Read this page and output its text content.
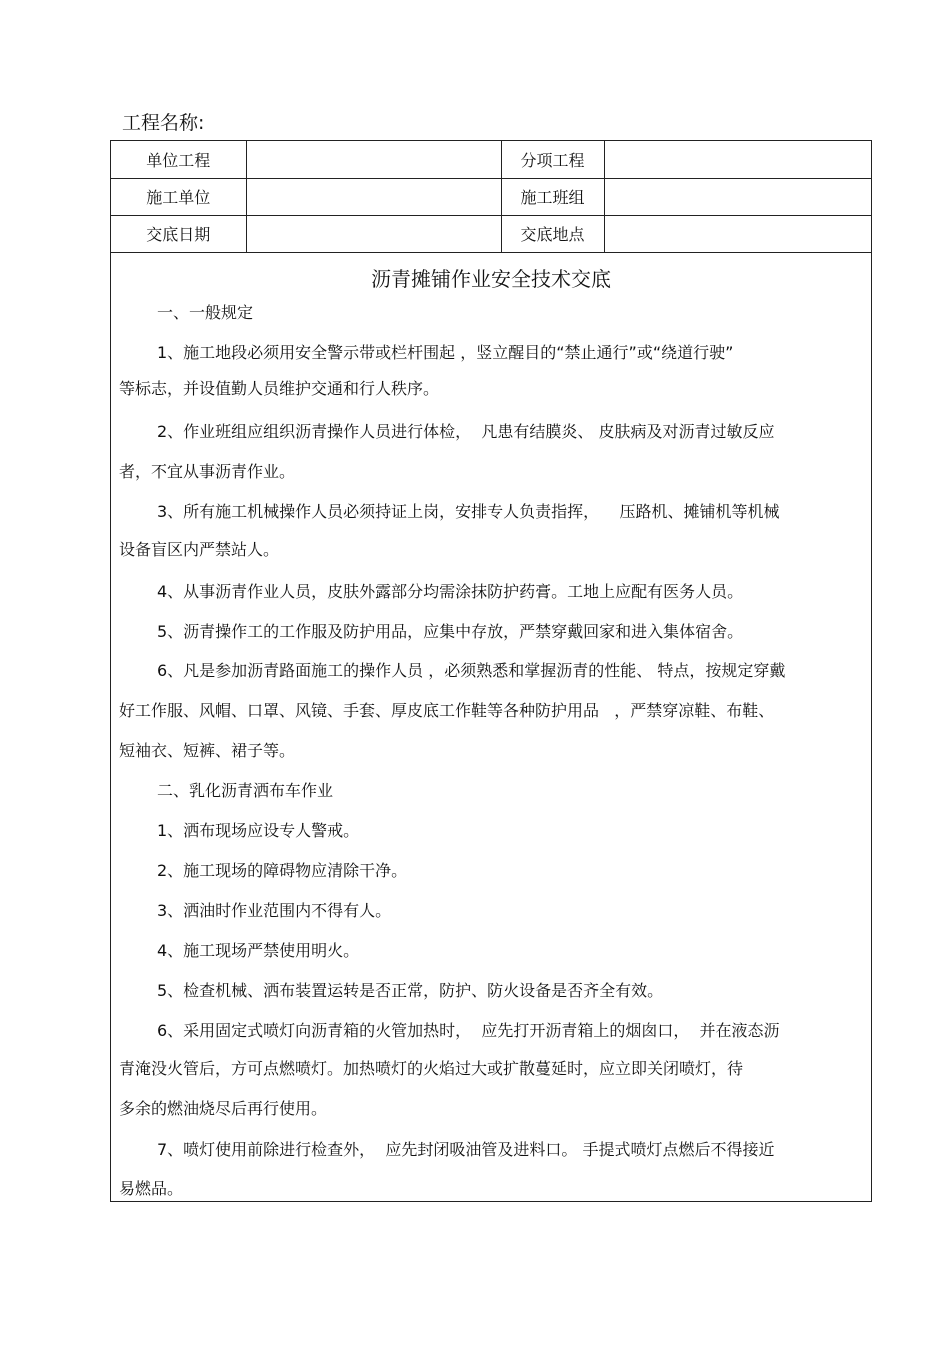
工程名称:
单位工程		分项工程	
施工单位		施工班组	
交底日期		交底地点	
沥青摊铺作业安全技术交底
一、一般规定
1、施工地段必须用安全警示带或栏杆围起 ，竖立醒目的“禁止通行”或“绕道行驶”
等标志，并设值勤人员维护交通和行人秩序。
2、作业班组应组织沥青操作人员进行体检，  凡患有结膜炎、 皮肤病及对沥青过敏反应
者，不宜从事沥青作业。
3、所有施工机械操作人员必须持证上岗，安排专人负责指挥，    压路机、摊铺机等机械
设备盲区内严禁站人。
4、从事沥青作业人员，皮肤外露部分均需涂抹防护药膏。工地上应配有医务人员。
5、沥青操作工的工作服及防护用品，应集中存放，严禁穿戴回家和进入集体宿舍。
6、凡是参加沥青路面施工的操作人员 ，必须熟悉和掌握沥青的性能、 特点，按规定穿戴
好工作服、风帽、口罩、风镜、手套、厚皮底工作鞋等各种防护用品   ，严禁穿凉鞋、布鞋、
短袖衣、短裤、裙子等。
二、乳化沥青洒布车作业
1、洒布现场应设专人警戒。
2、施工现场的障碍物应清除干净。
3、洒油时作业范围内不得有人。
4、施工现场严禁使用明火。
5、检查机械、洒布装置运转是否正常，防护、防火设备是否齐全有效。
6、采用固定式喷灯向沥青箱的火管加热时，  应先打开沥青箱上的烟囱口，  并在液态沥
青淹没火管后，方可点燃喷灯。加热喷灯的火焰过大或扩散蔓延时，应立即关闭喷灯，待
多余的燃油烧尽后再行使用。
7、喷灯使用前除进行检查外，  应先封闭吸油管及进料口。 手提式喷灯点燃后不得接近
易燃品。
